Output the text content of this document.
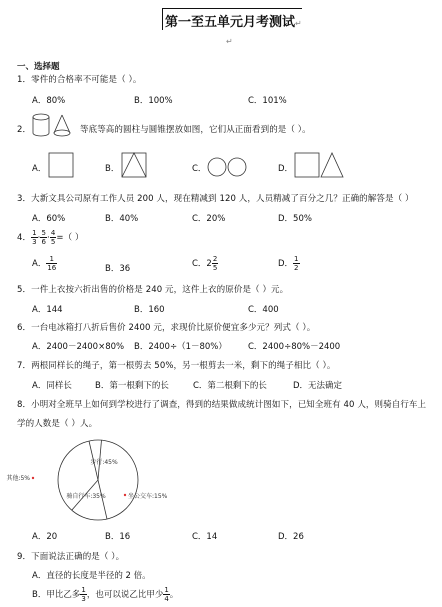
第一至五单元月考测试↵
↵
一、选择题
1．零件的合格率不可能是（ ）。
A．80%	B．100%	C．101%
2．	等底等高的圆柱与圆锥摆放如图，它们从正面看到的是（ ）。
A．	B．	C．	D．
3．大新文具公司原有工作人员 200 人，现在精减到 120 人，人员精减了百分之几？正确的解答是（ ）
A．60%	B．40%	C．20%	D．50%
4． $\frac{1}{3} \cdot \frac{5}{6} \cdot \frac{4}{5}$ =（ ）
A． $\frac{1}{16}$	B．36	C．$2 \frac{2}{5}$	D． $\frac{1}{2}$
5．一件上衣按六折出售的价格是 240 元，这件上衣的原价是（ ）元。
A．144	B．160	C．400
6．一台电冰箱打八折后售价 2400 元，求现价比原价便宜多少元？列式（ ）。
A．2400－2400×80% B．2400÷（1－80%） C．2400÷80%－2400
7．两根同样长的绳子，第一根剪去 50%，另一根剪去一米，剩下的绳子相比（ ）。
A．同样长	B．第一根剩下的长	C．第二根剩下的长	D．无法确定
8．小明对全班早上如何到学校进行了调查，得到的结果做成统计图如下，已知全班有 40 人，则骑自行车上
学的人数是（ ）人。
步行:45%
坐公交车:15%
骑自行车:35%
其他:5%
A．20	B．16	C．14	D．26
9．下面说法正确的是（ ）。
A．直径的长度是半径的 2 倍。
B．甲比乙多 $\frac{1}{3}$ ，也可以说乙比甲少 $\frac{1}{4}$ 。
